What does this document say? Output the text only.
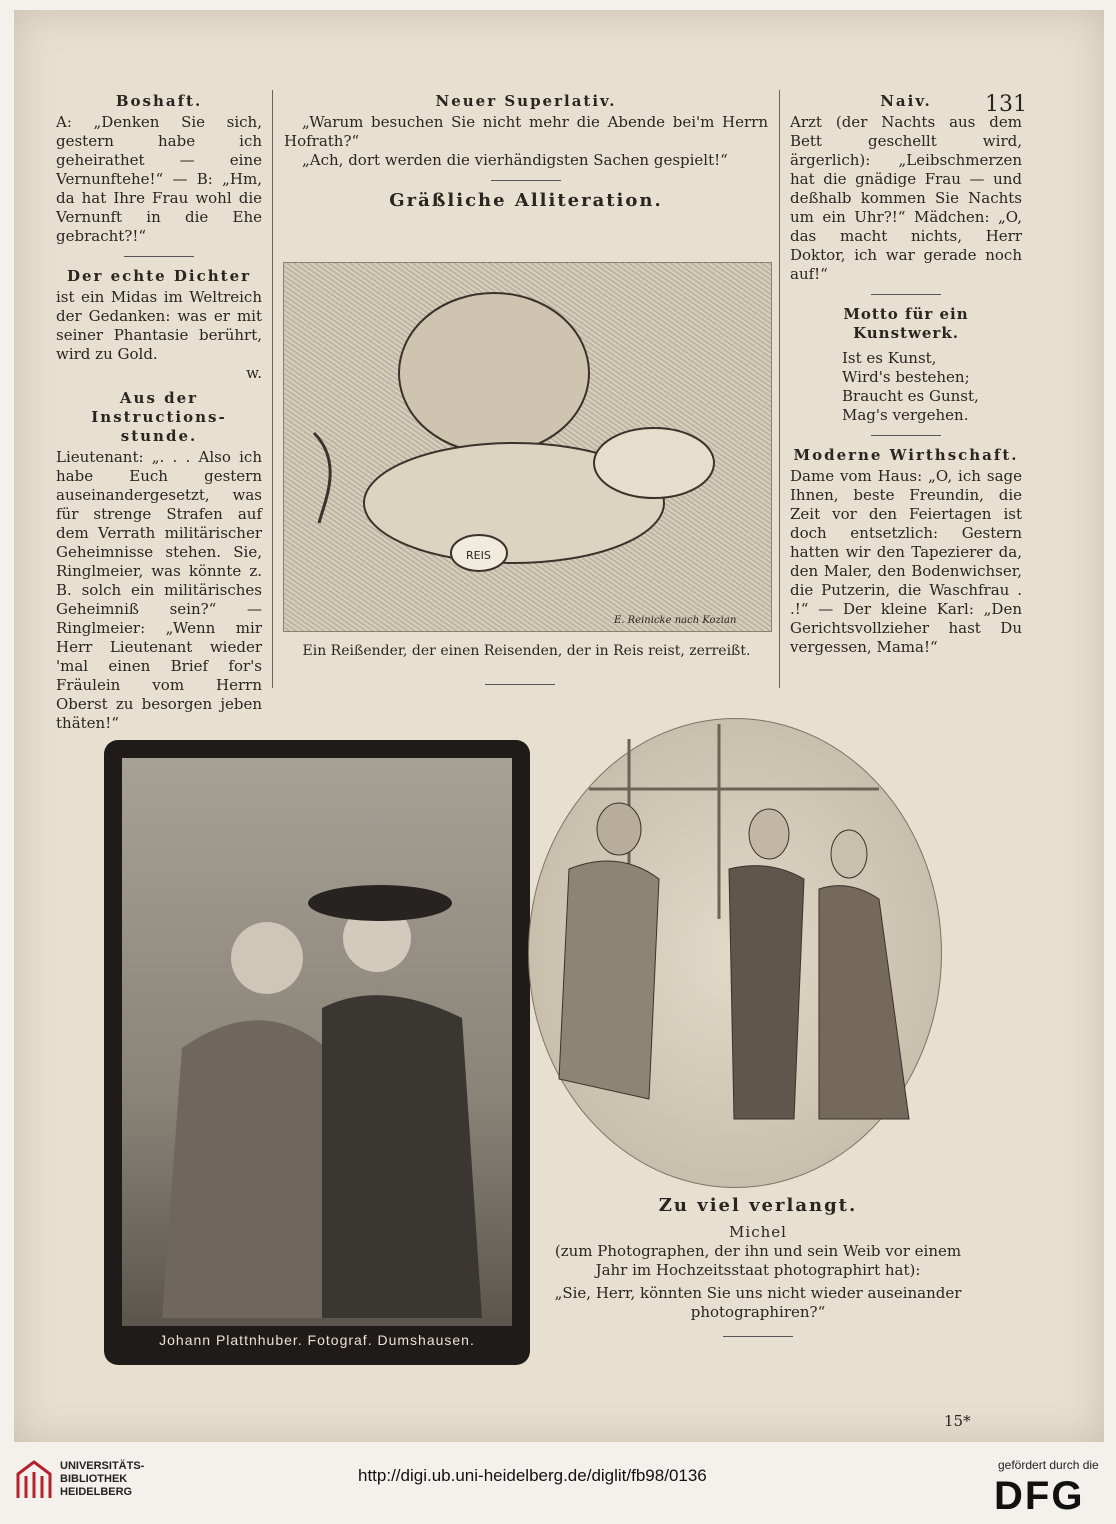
131
Boshaft.

A: „Denken Sie sich, gestern habe ich geheirathet — eine Vernunftehe!“ — B: „Hm, da hat Ihre Frau wohl die Vernunft in die Ehe gebracht?!“

Der echte Dichter

ist ein Midas im Weltreich der Gedanken: was er mit seiner Phantasie berührt, wird zu Gold.

w.

Aus der Instructions-stunde.

Lieutenant: „. . . Also ich habe Euch gestern auseinandergesetzt, was für strenge Strafen auf dem Verrath militärischer Geheimnisse stehen. Sie, Ringlmeier, was könnte z. B. solch ein militärisches Geheimniß sein?“ — Ringlmeier: „Wenn mir Herr Lieutenant wieder 'mal einen Brief for's Fräulein vom Herrn Oberst zu besorgen jeben thäten!“

Neuer Superlativ.

„Warum besuchen Sie nicht mehr die Abende bei'm Herrn Hofrath?“

„Ach, dort werden die vierhändigsten Sachen gespielt!“

Gräßliche Alliteration.
REIS
E. Reinicke nach Kozian
Ein Reißender, der einen Reisenden, der in Reis reist, zerreißt.
Naiv.

Arzt (der Nachts aus dem Bett geschellt wird, ärgerlich): „Leibschmerzen hat die gnädige Frau — und deßhalb kommen Sie Nachts um ein Uhr?!“ Mädchen: „O, das macht nichts, Herr Doktor, ich war gerade noch auf!“

Motto für ein Kunstwerk.
Ist es Kunst,
Wird's bestehen;
Braucht es Gunst,
Mag's vergehen.
Moderne Wirthschaft.

Dame vom Haus: „O, ich sage Ihnen, beste Freundin, die Zeit vor den Feiertagen ist doch entsetzlich: Gestern hatten wir den Tapezierer da, den Maler, den Bodenwichser, die Putzerin, die Waschfrau . .!“ — Der kleine Karl: „Den Gerichtsvollzieher hast Du vergessen, Mama!“

Johann Plattnhuber. Fotograf. Dumshausen.
Zu viel verlangt.
Michel
(zum Photographen, der ihn und sein Weib vor einem Jahr im Hochzeitsstaat photographirt hat):
„Sie, Herr, könnten Sie uns nicht wieder auseinander photographiren?“
15*
UNIVERSITÄTS-
BIBLIOTHEK
HEIDELBERG
http://digi.ub.uni-heidelberg.de/diglit/fb98/0136
gefördert durch die
DFG
